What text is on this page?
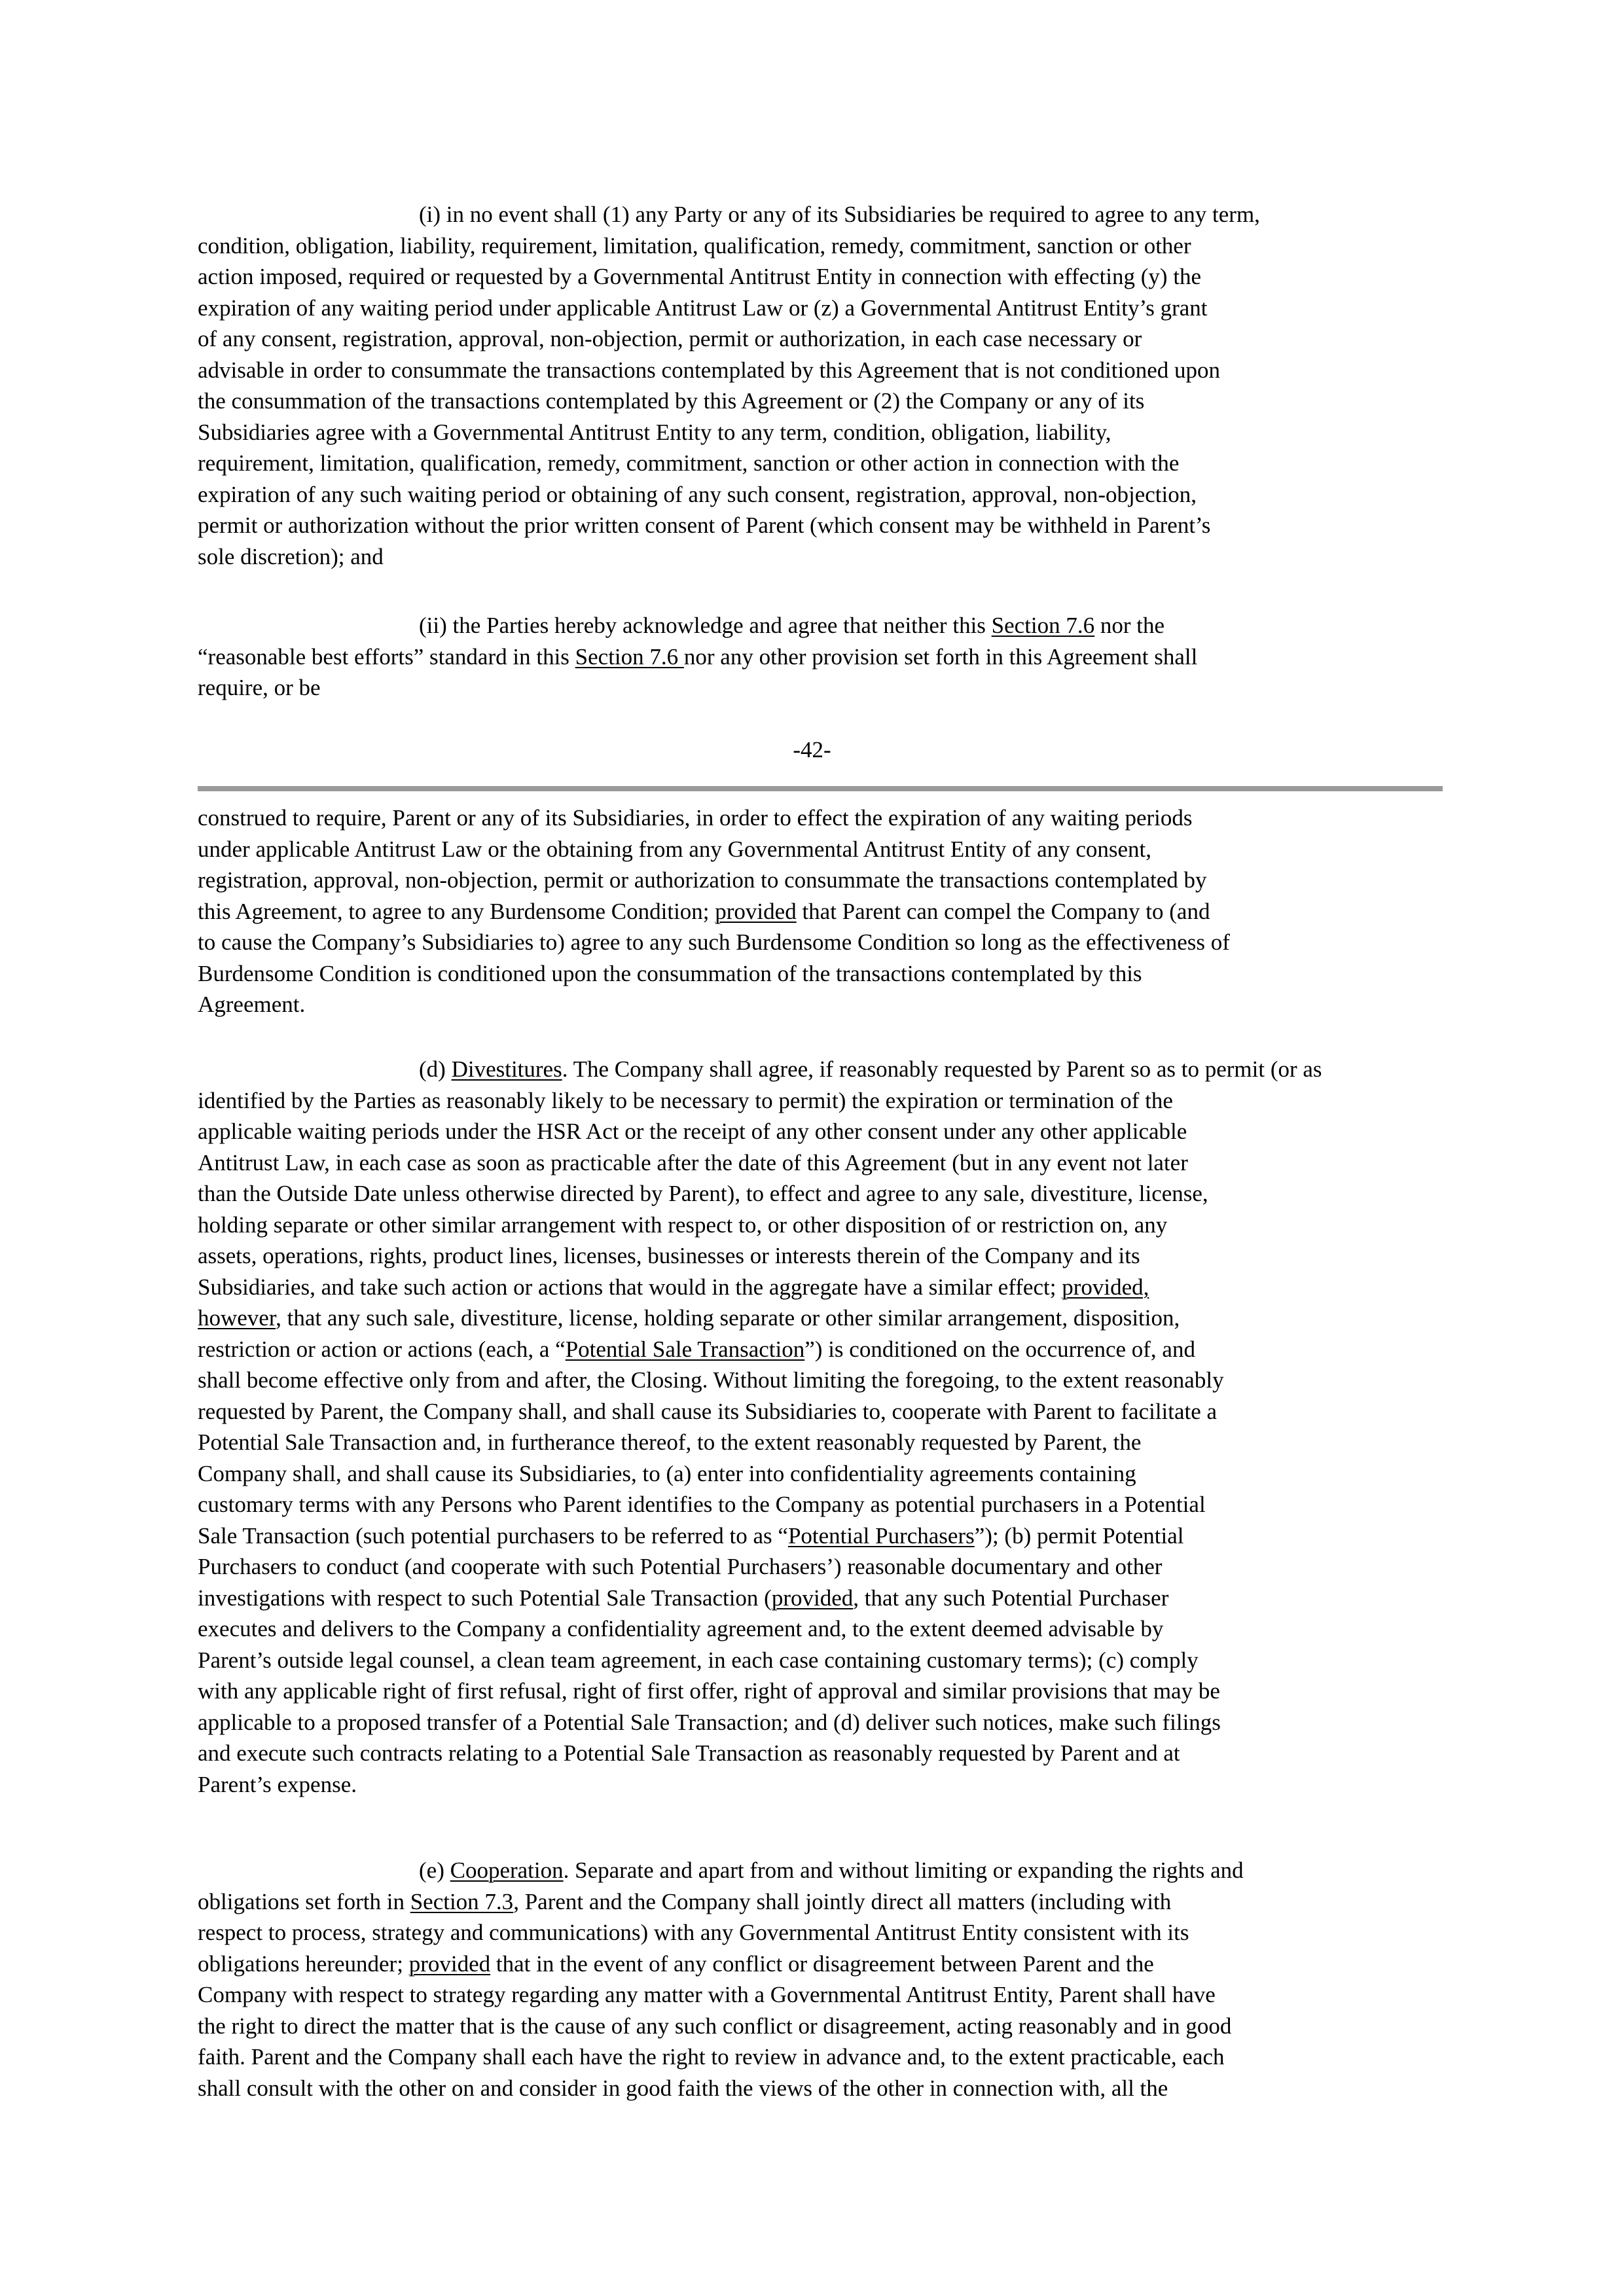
(i) in no event shall (1) any Party or any of its Subsidiaries be required to agree to any term,
condition, obligation, liability, requirement, limitation, qualification, remedy, commitment, sanction or other
action imposed, required or requested by a Governmental Antitrust Entity in connection with effecting (y) the
expiration of any waiting period under applicable Antitrust Law or (z) a Governmental Antitrust Entity’s grant
of any consent, registration, approval, non-objection, permit or authorization, in each case necessary or
advisable in order to consummate the transactions contemplated by this Agreement that is not conditioned upon
the consummation of the transactions contemplated by this Agreement or (2) the Company or any of its
Subsidiaries agree with a Governmental Antitrust Entity to any term, condition, obligation, liability,
requirement, limitation, qualification, remedy, commitment, sanction or other action in connection with the
expiration of any such waiting period or obtaining of any such consent, registration, approval, non-objection,
permit or authorization without the prior written consent of Parent (which consent may be withheld in Parent’s
sole discretion); and
(ii) the Parties hereby acknowledge and agree that neither this Section 7.6 nor the
“reasonable best efforts” standard in this Section 7.6 nor any other provision set forth in this Agreement shall
require, or be
-42-
construed to require, Parent or any of its Subsidiaries, in order to effect the expiration of any waiting periods
under applicable Antitrust Law or the obtaining from any Governmental Antitrust Entity of any consent,
registration, approval, non-objection, permit or authorization to consummate the transactions contemplated by
this Agreement, to agree to any Burdensome Condition; provided that Parent can compel the Company to (and
to cause the Company’s Subsidiaries to) agree to any such Burdensome Condition so long as the effectiveness of
Burdensome Condition is conditioned upon the consummation of the transactions contemplated by this
Agreement.
(d) Divestitures. The Company shall agree, if reasonably requested by Parent so as to permit (or as
identified by the Parties as reasonably likely to be necessary to permit) the expiration or termination of the
applicable waiting periods under the HSR Act or the receipt of any other consent under any other applicable
Antitrust Law, in each case as soon as practicable after the date of this Agreement (but in any event not later
than the Outside Date unless otherwise directed by Parent), to effect and agree to any sale, divestiture, license,
holding separate or other similar arrangement with respect to, or other disposition of or restriction on, any
assets, operations, rights, product lines, licenses, businesses or interests therein of the Company and its
Subsidiaries, and take such action or actions that would in the aggregate have a similar effect; provided,
however, that any such sale, divestiture, license, holding separate or other similar arrangement, disposition,
restriction or action or actions (each, a “Potential Sale Transaction”) is conditioned on the occurrence of, and
shall become effective only from and after, the Closing. Without limiting the foregoing, to the extent reasonably
requested by Parent, the Company shall, and shall cause its Subsidiaries to, cooperate with Parent to facilitate a
Potential Sale Transaction and, in furtherance thereof, to the extent reasonably requested by Parent, the
Company shall, and shall cause its Subsidiaries, to (a) enter into confidentiality agreements containing
customary terms with any Persons who Parent identifies to the Company as potential purchasers in a Potential
Sale Transaction (such potential purchasers to be referred to as “Potential Purchasers”); (b) permit Potential
Purchasers to conduct (and cooperate with such Potential Purchasers’) reasonable documentary and other
investigations with respect to such Potential Sale Transaction (provided, that any such Potential Purchaser
executes and delivers to the Company a confidentiality agreement and, to the extent deemed advisable by
Parent’s outside legal counsel, a clean team agreement, in each case containing customary terms); (c) comply
with any applicable right of first refusal, right of first offer, right of approval and similar provisions that may be
applicable to a proposed transfer of a Potential Sale Transaction; and (d) deliver such notices, make such filings
and execute such contracts relating to a Potential Sale Transaction as reasonably requested by Parent and at
Parent’s expense.
(e) Cooperation. Separate and apart from and without limiting or expanding the rights and
obligations set forth in Section 7.3, Parent and the Company shall jointly direct all matters (including with
respect to process, strategy and communications) with any Governmental Antitrust Entity consistent with its
obligations hereunder; provided that in the event of any conflict or disagreement between Parent and the
Company with respect to strategy regarding any matter with a Governmental Antitrust Entity, Parent shall have
the right to direct the matter that is the cause of any such conflict or disagreement, acting reasonably and in good
faith. Parent and the Company shall each have the right to review in advance and, to the extent practicable, each
shall consult with the other on and consider in good faith the views of the other in connection with, all the
